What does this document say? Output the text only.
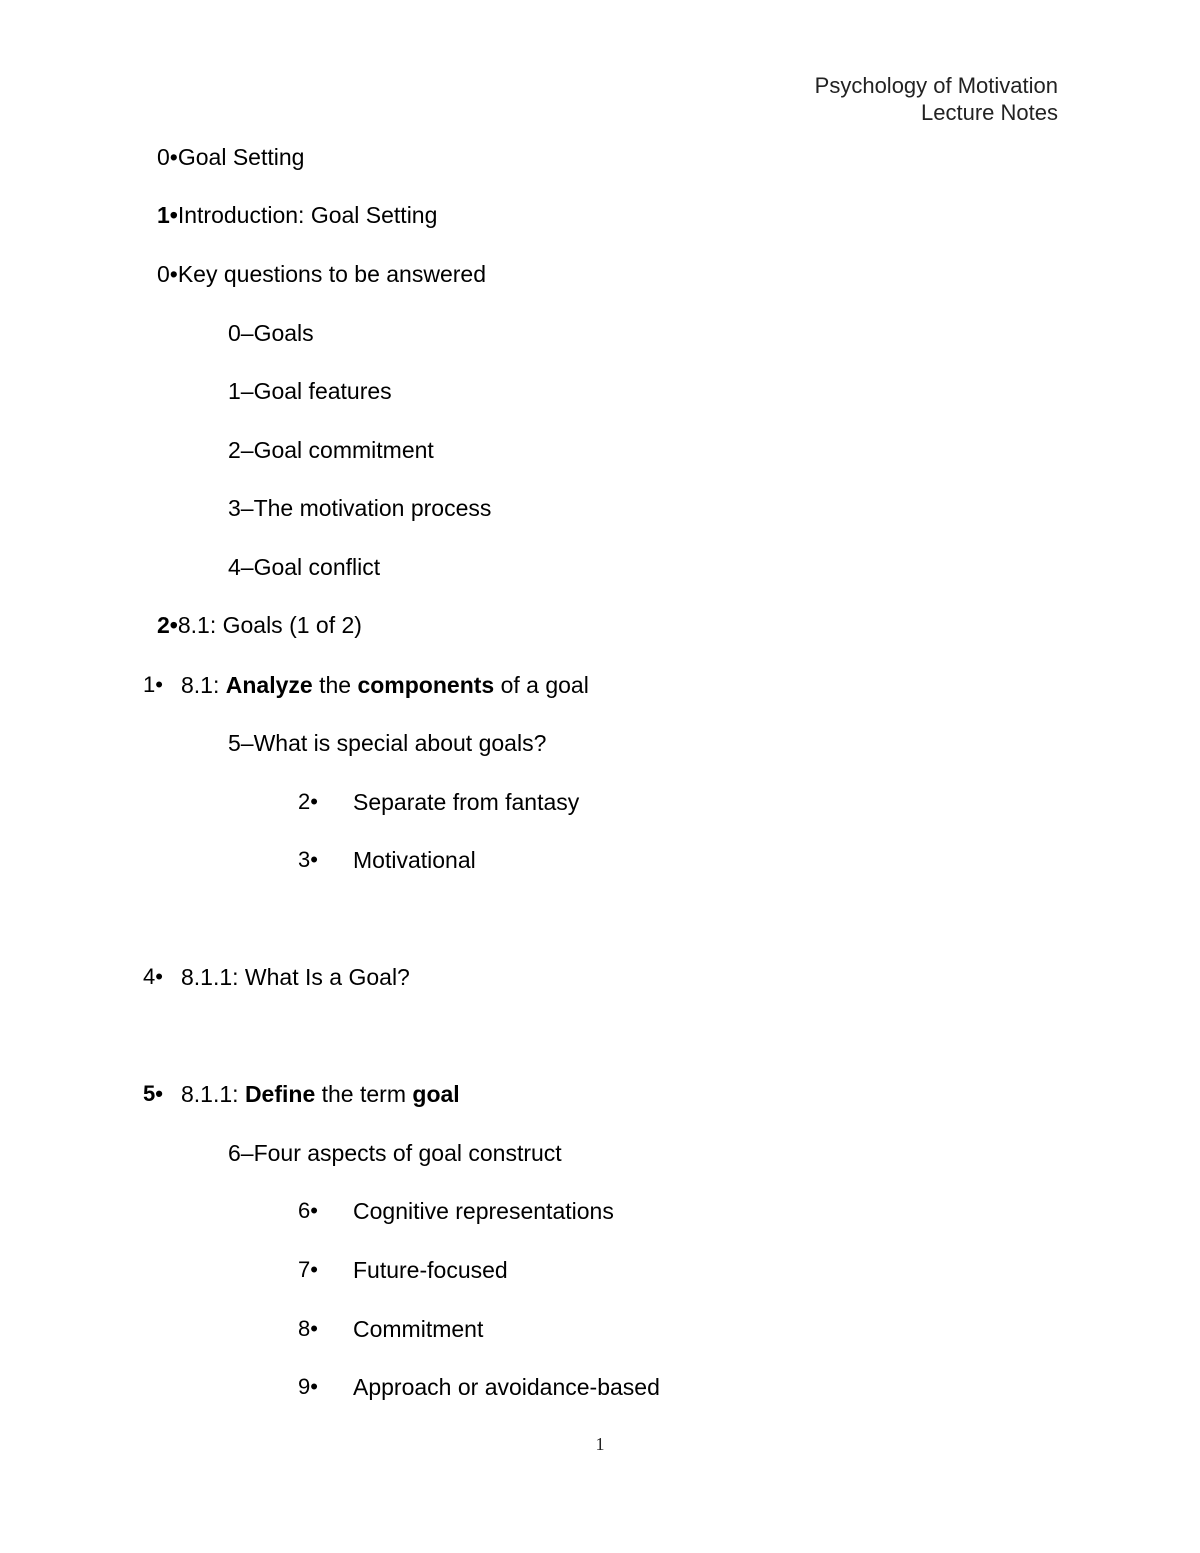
Psychology of Motivation
Lecture Notes
0•Goal Setting
1•Introduction: Goal Setting
0•Key questions to be answered
0–Goals
1–Goal features
2–Goal commitment
3–The motivation process
4–Goal conflict
2•8.1: Goals (1 of 2)
1• 8.1: Analyze the components of a goal
5–What is special about goals?
2• Separate from fantasy
3• Motivational
4• 8.1.1: What Is a Goal?
5• 8.1.1: Define the term goal
6–Four aspects of goal construct
6• Cognitive representations
7• Future-focused
8• Commitment
9• Approach or avoidance-based
1
